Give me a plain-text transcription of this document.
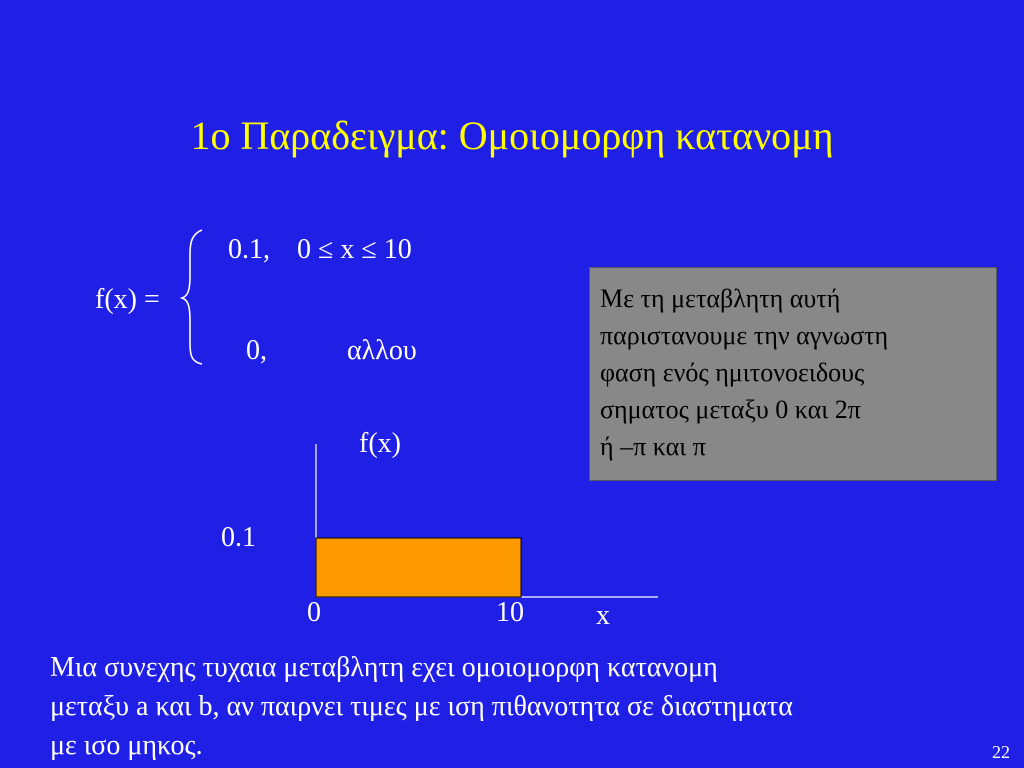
1ο Παραδειγμα: Ομοιομορφη κατανομη
f(x) =
0.1, 0 ≤ x ≤ 10
0,	αλλου
Με τη μεταβλητη αυτή
παριστανουμε την αγνωστη
φαση ενός ημιτονοειδους
σηματος μεταξυ 0 και 2π
ή –π και π
f(x)
0.1
0	10	x
Μια συνεχης τυχαια μεταβλητη εχει ομοιομορφη κατανομη
μεταξυ a και b, αν παιρνει τιμες με ιση πιθανοτητα σε διαστηματα
με ισο μηκος.	22
